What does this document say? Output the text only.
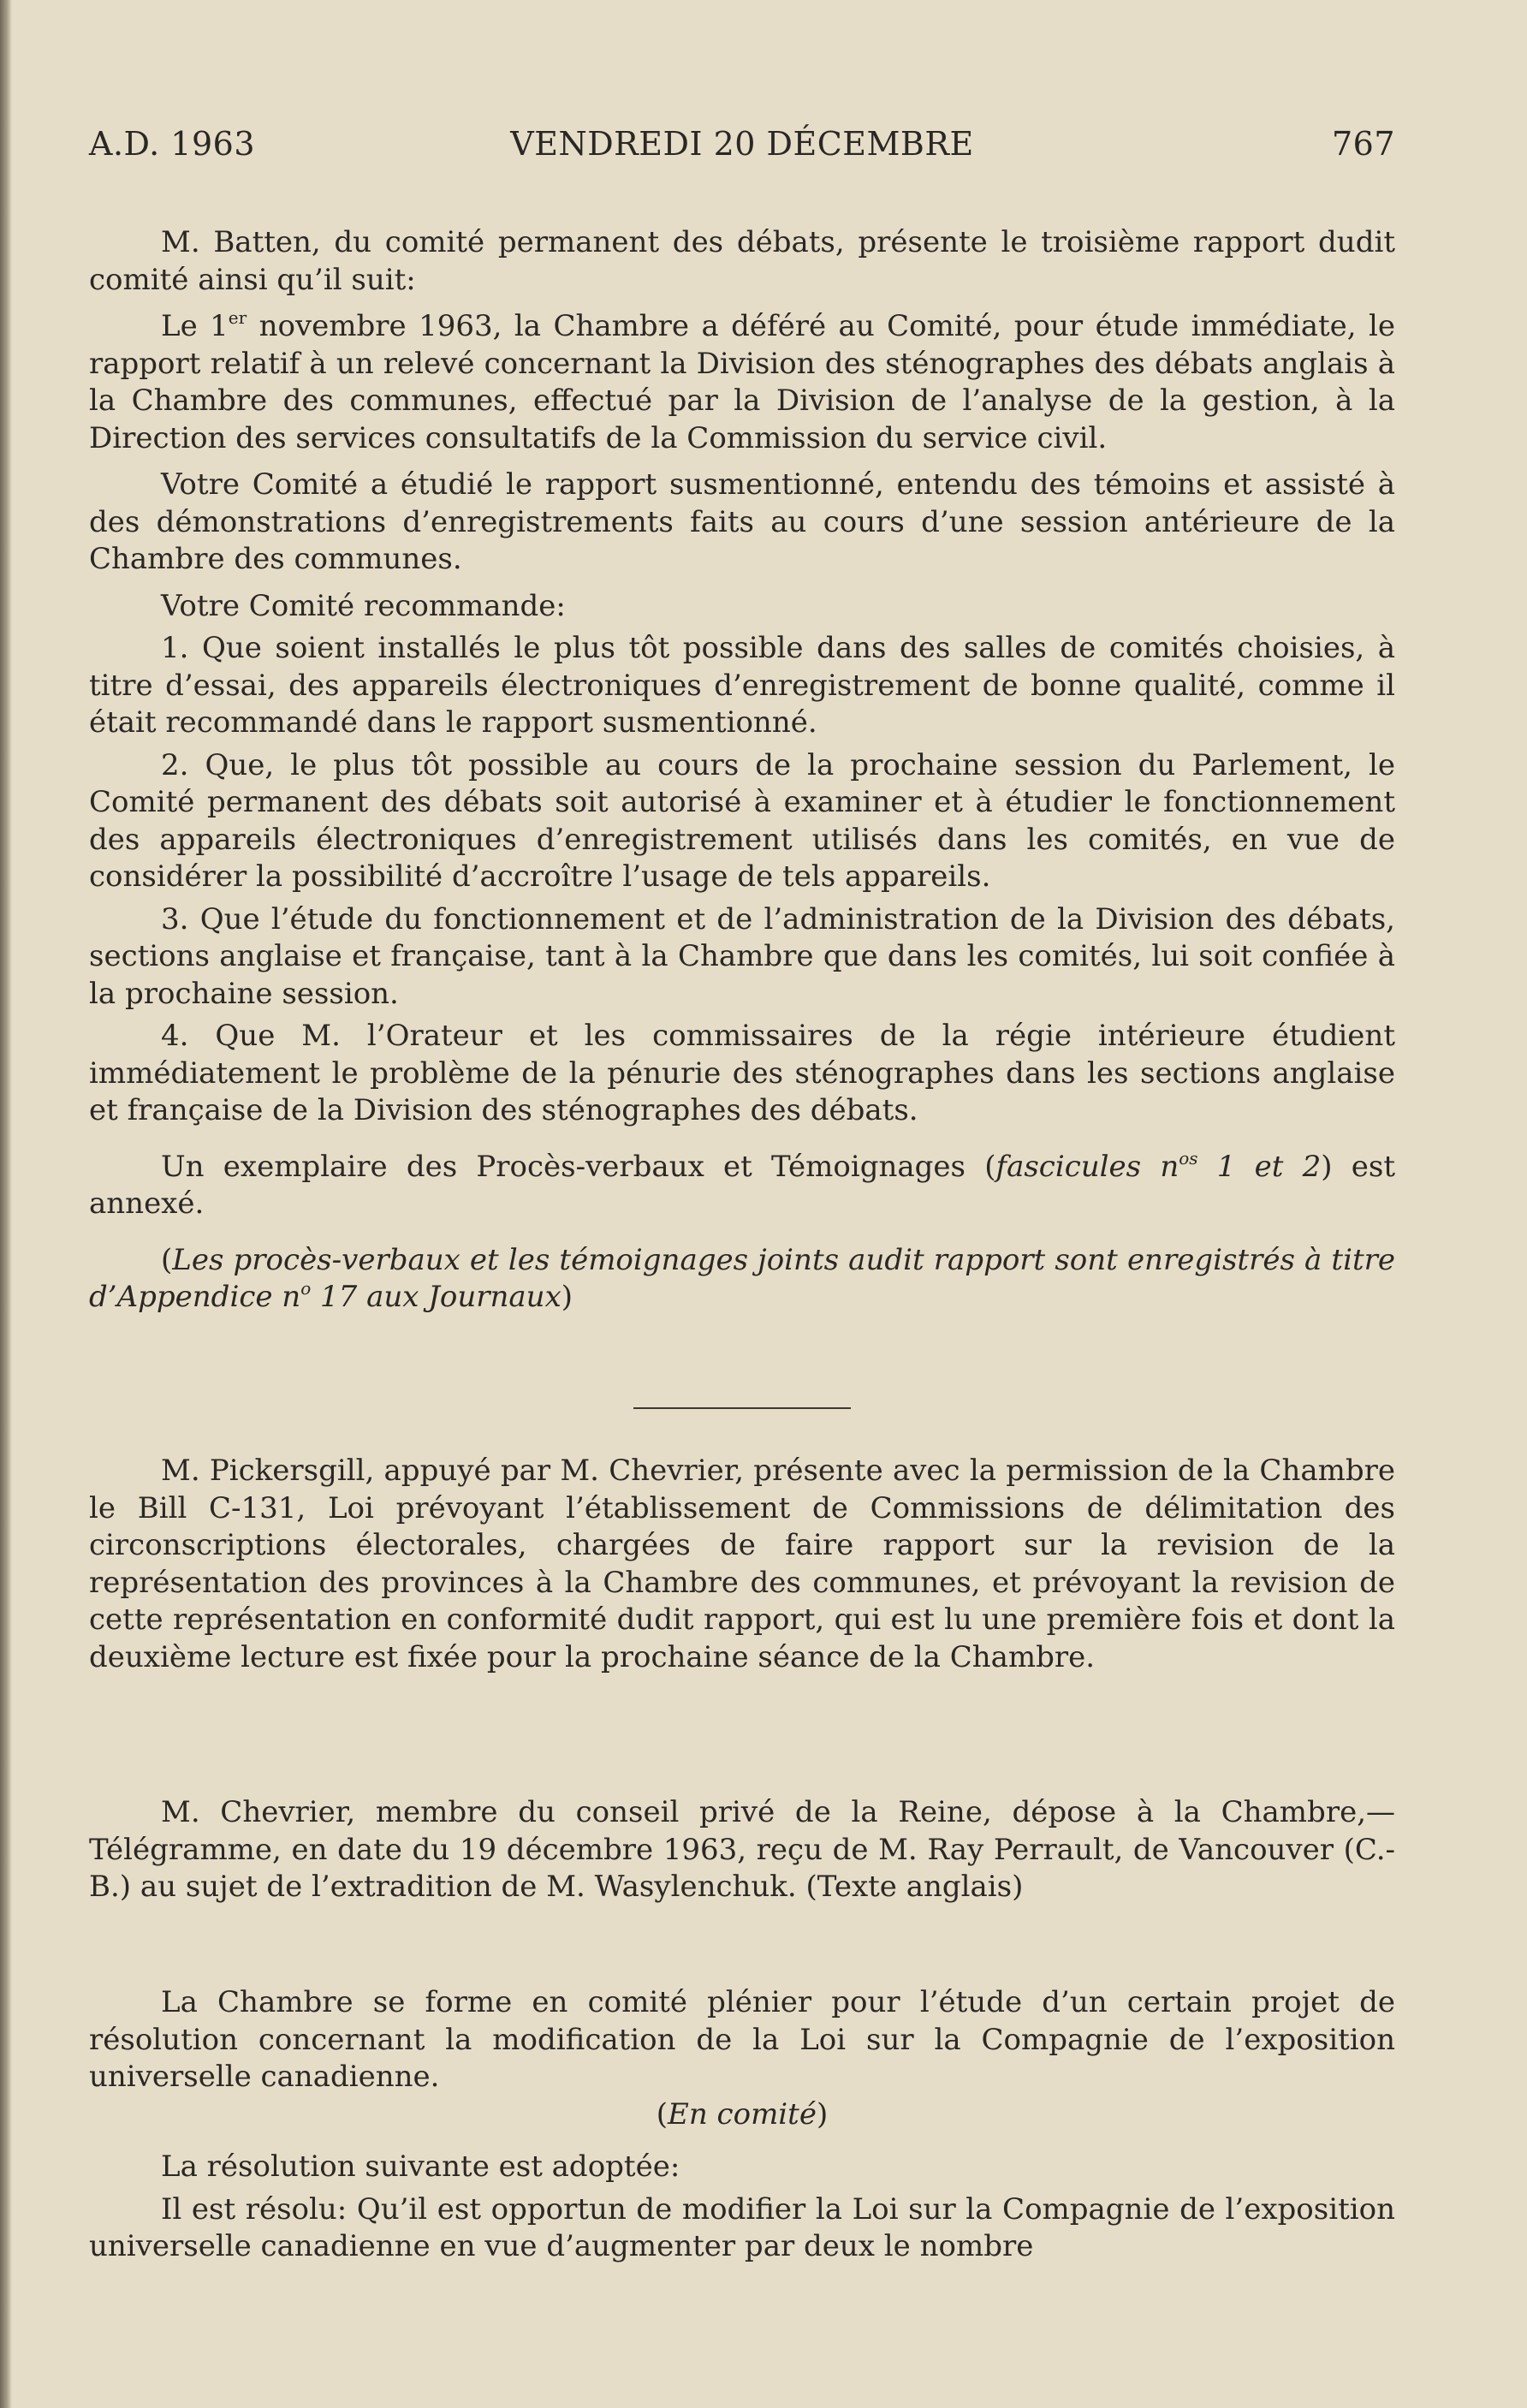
A.D. 1963	VENDREDI 20 DÉCEMBRE	767

M. Batten, du comité permanent des débats, présente le troisième rapport dudit comité ainsi qu’il suit:

Le 1er novembre 1963, la Chambre a déféré au Comité, pour étude immédiate, le rapport relatif à un relevé concernant la Division des sténographes des débats anglais à la Chambre des communes, effectué par la Division de l’analyse de la gestion, à la Direction des services consultatifs de la Commission du service civil.

Votre Comité a étudié le rapport susmentionné, entendu des témoins et assisté à des démonstrations d’enregistrements faits au cours d’une session antérieure de la Chambre des communes.

Votre Comité recommande:

1. Que soient installés le plus tôt possible dans des salles de comités choisies, à titre d’essai, des appareils électroniques d’enregistrement de bonne qualité, comme il était recommandé dans le rapport susmentionné.

2. Que, le plus tôt possible au cours de la prochaine session du Parlement, le Comité permanent des débats soit autorisé à examiner et à étudier le fonctionnement des appareils électroniques d’enregistrement utilisés dans les comités, en vue de considérer la possibilité d’accroître l’usage de tels appareils.

3. Que l’étude du fonctionnement et de l’administration de la Division des débats, sections anglaise et française, tant à la Chambre que dans les comités, lui soit confiée à la prochaine session.

4. Que M. l’Orateur et les commissaires de la régie intérieure étudient immédiatement le problème de la pénurie des sténographes dans les sections anglaise et française de la Division des sténographes des débats.

Un exemplaire des Procès-verbaux et Témoignages (fascicules $n^{os}$ 1 et 2) est annexé.

(Les procès-verbaux et les témoignages joints audit rapport sont enregistrés à titre d’Appendice $n^o$ 17 aux Journaux)

M. Pickersgill, appuyé par M. Chevrier, présente avec la permission de la Chambre le Bill C-131, Loi prévoyant l’établissement de Commissions de délimitation des circonscriptions électorales, chargées de faire rapport sur la revision de la représentation des provinces à la Chambre des communes, et prévoyant la revision de cette représentation en conformité dudit rapport, qui est lu une première fois et dont la deuxième lecture est fixée pour la prochaine séance de la Chambre.

M. Chevrier, membre du conseil privé de la Reine, dépose à la Chambre,— Télégramme, en date du 19 décembre 1963, reçu de M. Ray Perrault, de Vancouver (C.-B.) au sujet de l’extradition de M. Wasylenchuk. (Texte anglais)

La Chambre se forme en comité plénier pour l’étude d’un certain projet de résolution concernant la modification de la Loi sur la Compagnie de l’exposition universelle canadienne.

(En comité)

La résolution suivante est adoptée:

Il est résolu: Qu’il est opportun de modifier la Loi sur la Compagnie de l’exposition universelle canadienne en vue d’augmenter par deux le nombre
